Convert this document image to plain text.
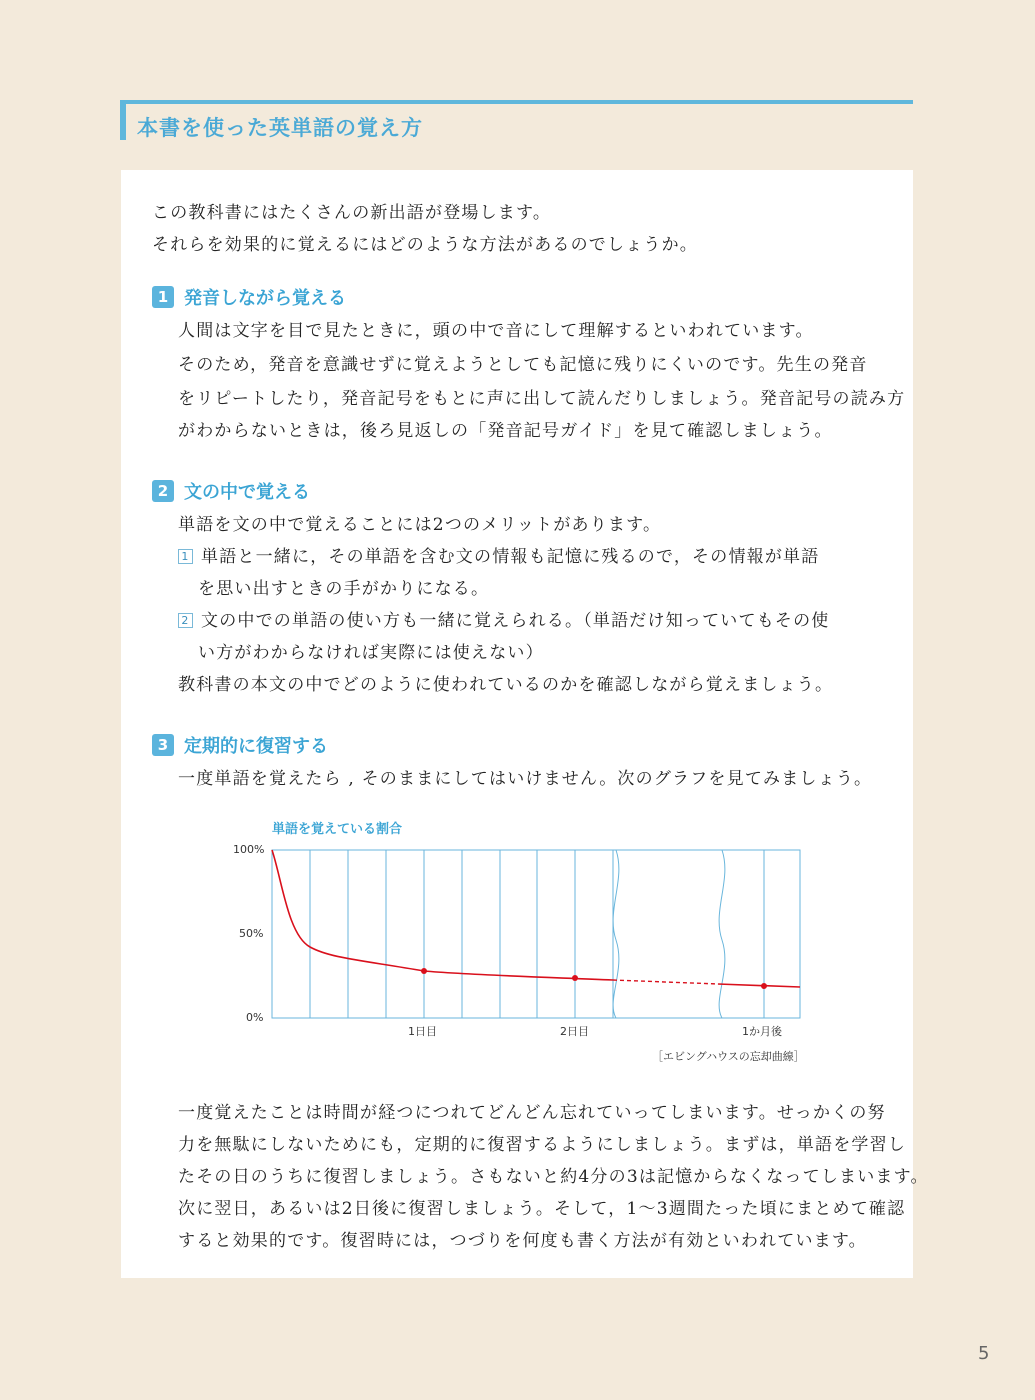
本書を使った英単語の覚え方

この教科書にはたくさんの新出語が登場します。

それらを効果的に覚えるにはどのような方法があるのでしょうか。

1 発音しながら覚える

人間は文字を目で見たときに，頭の中で音にして理解するといわれています。

そのため，発音を意識せずに覚えようとしても記憶に残りにくいのです。先生の発音

をリピートしたり，発音記号をもとに声に出して読んだりしましょう。発音記号の読み方

がわからないときは，後ろ見返しの「発音記号ガイド」を見て確認しましょう。

2 文の中で覚える

単語を文の中で覚えることには2つのメリットがあります。

1 単語と一緒に，その単語を含む文の情報も記憶に残るので，その情報が単語

を思い出すときの手がかりになる。

2 文の中での単語の使い方も一緒に覚えられる。（単語だけ知っていてもその使

い方がわからなければ実際には使えない）

教科書の本文の中でどのように使われているのかを確認しながら覚えましょう。

3 定期的に復習する

一度単語を覚えたら , そのままにしてはいけません。次のグラフを見てみましょう。

単語を覚えている割合
100%
50%
0%
1日目	2日目	1か月後
［エビングハウスの忘却曲線］

一度覚えたことは時間が経つにつれてどんどん忘れていってしまいます。せっかくの努

力を無駄にしないためにも，定期的に復習するようにしましょう。まずは，単語を学習し

たその日のうちに復習しましょう。さもないと約4分の3は記憶からなくなってしまいます。

次に翌日，あるいは2日後に復習しましょう。そして，1～3週間たった頃にまとめて確認

すると効果的です。復習時には，つづりを何度も書く方法が有効といわれています。

5
